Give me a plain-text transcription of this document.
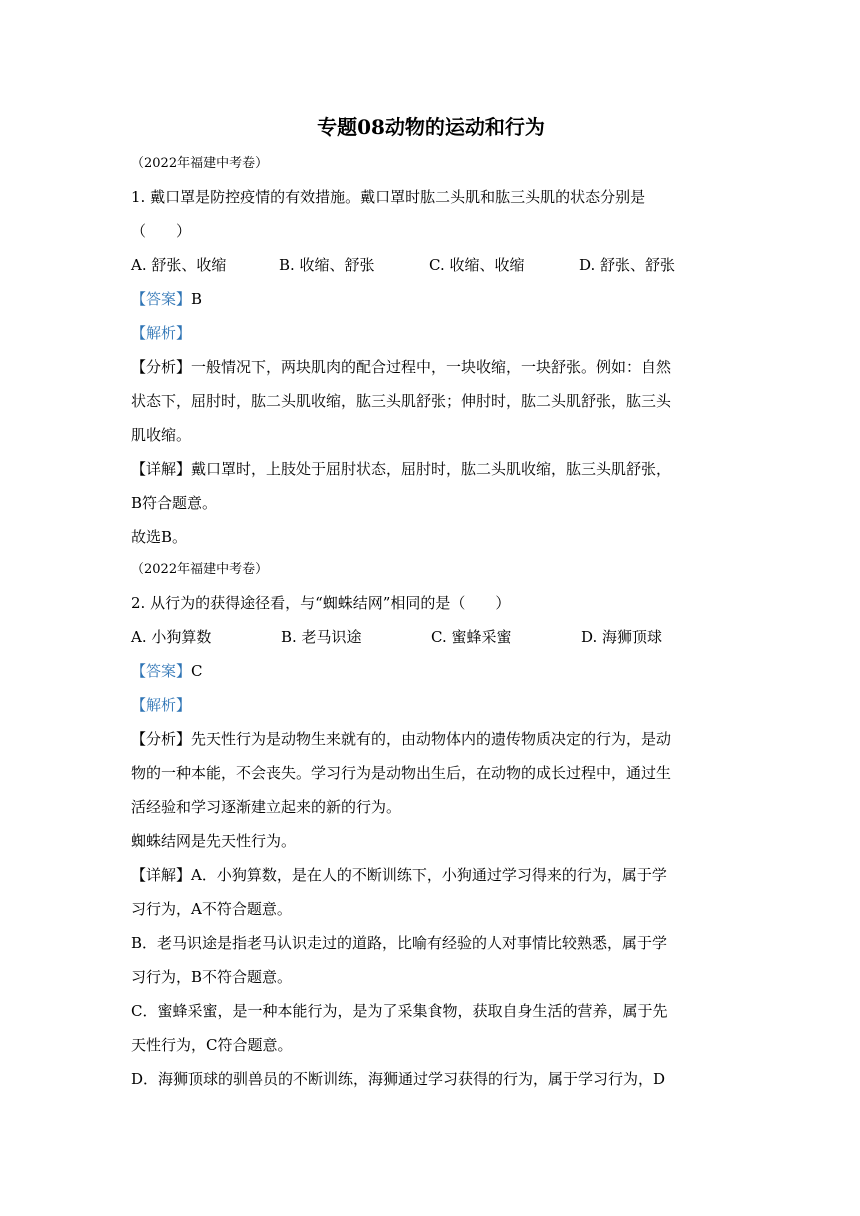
专题08动物的运动和行为
（2022年福建中考卷）
1. 戴口罩是防控疫情的有效措施。戴口罩时肱二头肌和肱三头肌的状态分别是
（　　）
A. 舒张、收缩	B. 收缩、舒张	C. 收缩、收缩	D. 舒张、舒张
【答案】B
【解析】
【分析】一般情况下，两块肌肉的配合过程中，一块收缩，一块舒张。例如：自然
状态下，屈肘时，肱二头肌收缩，肱三头肌舒张；伸肘时，肱二头肌舒张，肱三头
肌收缩。
【详解】戴口罩时，上肢处于屈肘状态，屈肘时，肱二头肌收缩，肱三头肌舒张，
B符合题意。
故选B。
（2022年福建中考卷）
2. 从行为的获得途径看，与“蜘蛛结网”相同的是（　　）
A. 小狗算数	B. 老马识途	C. 蜜蜂采蜜	D. 海狮顶球
【答案】C
【解析】
【分析】先天性行为是动物生来就有的，由动物体内的遗传物质决定的行为，是动
物的一种本能，不会丧失。学习行为是动物出生后，在动物的成长过程中，通过生
活经验和学习逐渐建立起来的新的行为。
蜘蛛结网是先天性行为。
【详解】A．小狗算数，是在人的不断训练下，小狗通过学习得来的行为，属于学
习行为，A不符合题意。
B．老马识途是指老马认识走过的道路，比喻有经验的人对事情比较熟悉，属于学
习行为，B不符合题意。
C．蜜蜂采蜜，是一种本能行为，是为了采集食物，获取自身生活的营养，属于先
天性行为，C符合题意。
D．海狮顶球的驯兽员的不断训练，海狮通过学习获得的行为，属于学习行为，D
